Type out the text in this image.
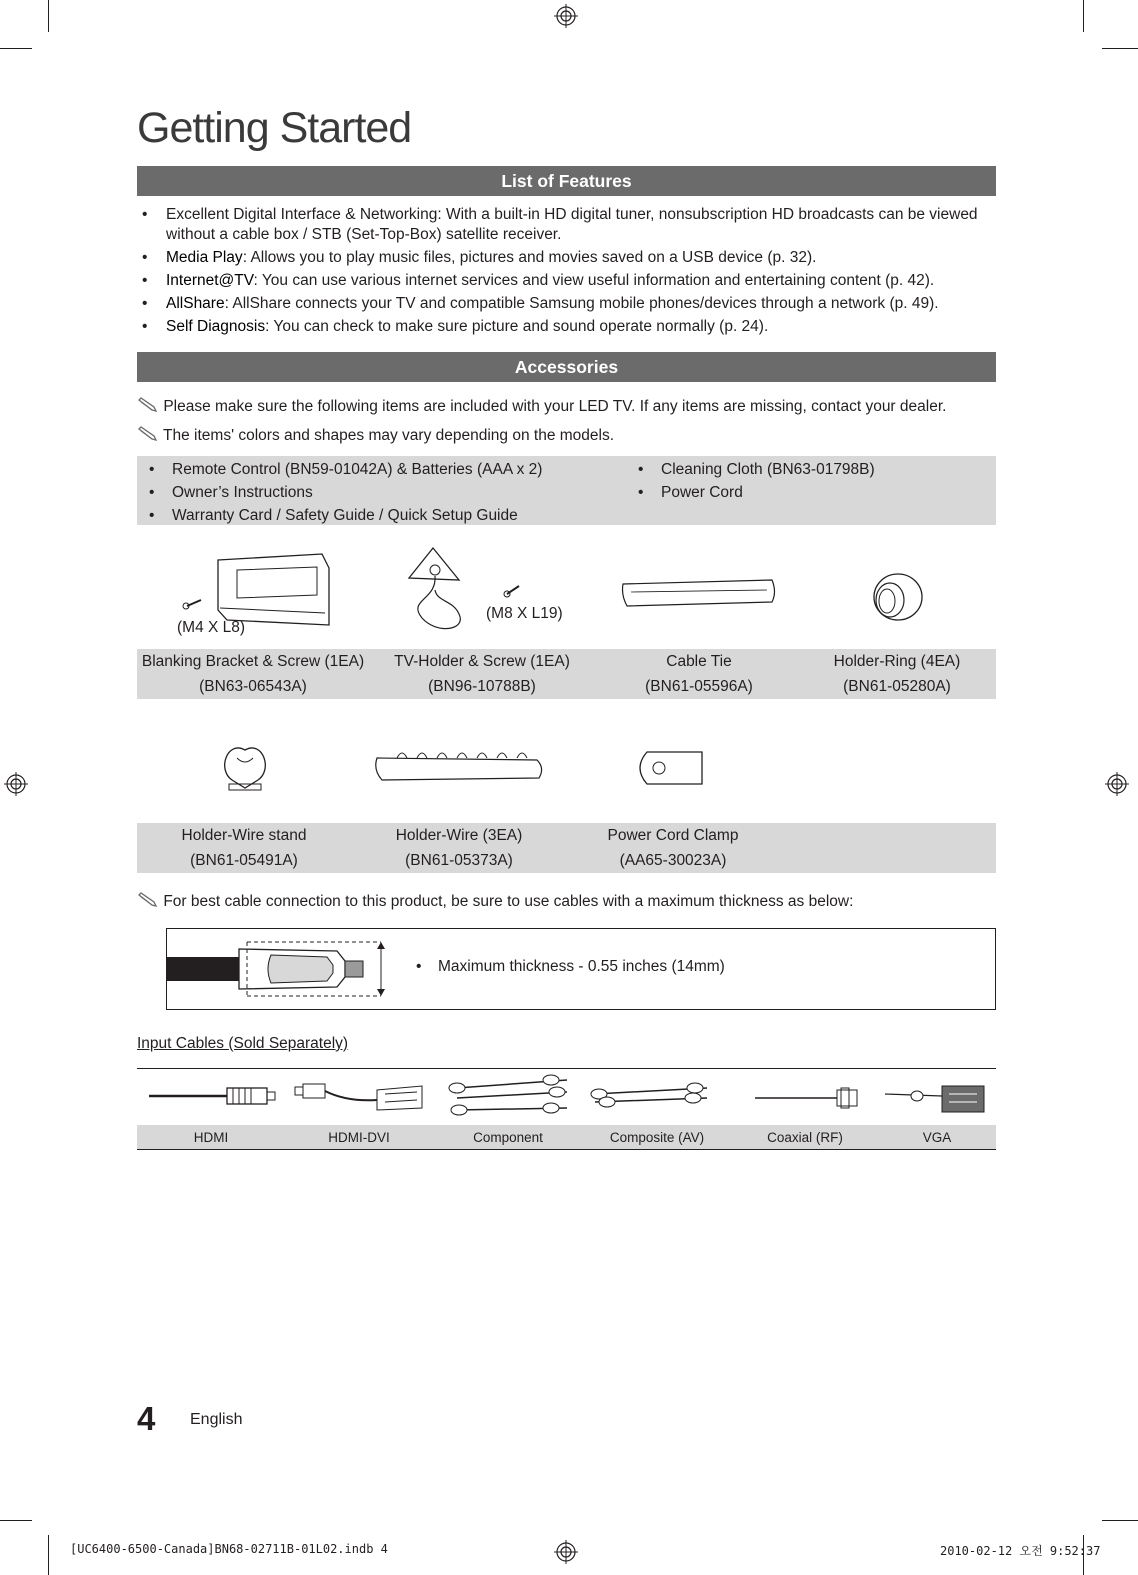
Getting Started
List of Features
• Excellent Digital Interface & Networking: With a built-in HD digital tuner, nonsubscription HD broadcasts can be viewed without a cable box / STB (Set-Top-Box) satellite receiver.
• Media Play: Allows you to play music files, pictures and movies saved on a USB device (p. 32).
• Internet@TV: You can use various internet services and view useful information and entertaining content (p. 42).
• AllShare: AllShare connects your TV and compatible Samsung mobile phones/devices through a network (p. 49).
• Self Diagnosis: You can check to make sure picture and sound operate normally (p. 24).
Accessories
Please make sure the following items are included with your LED TV. If any items are missing, contact your dealer.
The items' colors and shapes may vary depending on the models.
• Remote Control (BN59-01042A) & Batteries (AAA x 2)
• Owner’s Instructions
• Warranty Card / Safety Guide / Quick Setup Guide
• Cleaning Cloth (BN63-01798B)
• Power Cord
(M4 X L8)
(M8 X L19)
Blanking Bracket & Screw (1EA)
(BN63-06543A)
TV-Holder & Screw (1EA)
(BN96-10788B)
Cable Tie
(BN61-05596A)
Holder-Ring (4EA)
(BN61-05280A)
Holder-Wire stand
(BN61-05491A)
Holder-Wire (3EA)
(BN61-05373A)
Power Cord Clamp
(AA65-30023A)
For best cable connection to this product, be sure to use cables with a maximum thickness as below:
• Maximum thickness - 0.55 inches (14mm)
Input Cables (Sold Separately)
HDMI	HDMI-DVI	Component	Composite (AV)	Coaxial (RF)	VGA
4 English
[UC6400-6500-Canada]BN68-02711B-01L02.indb 4	2010-02-12 오전 9:52:37
